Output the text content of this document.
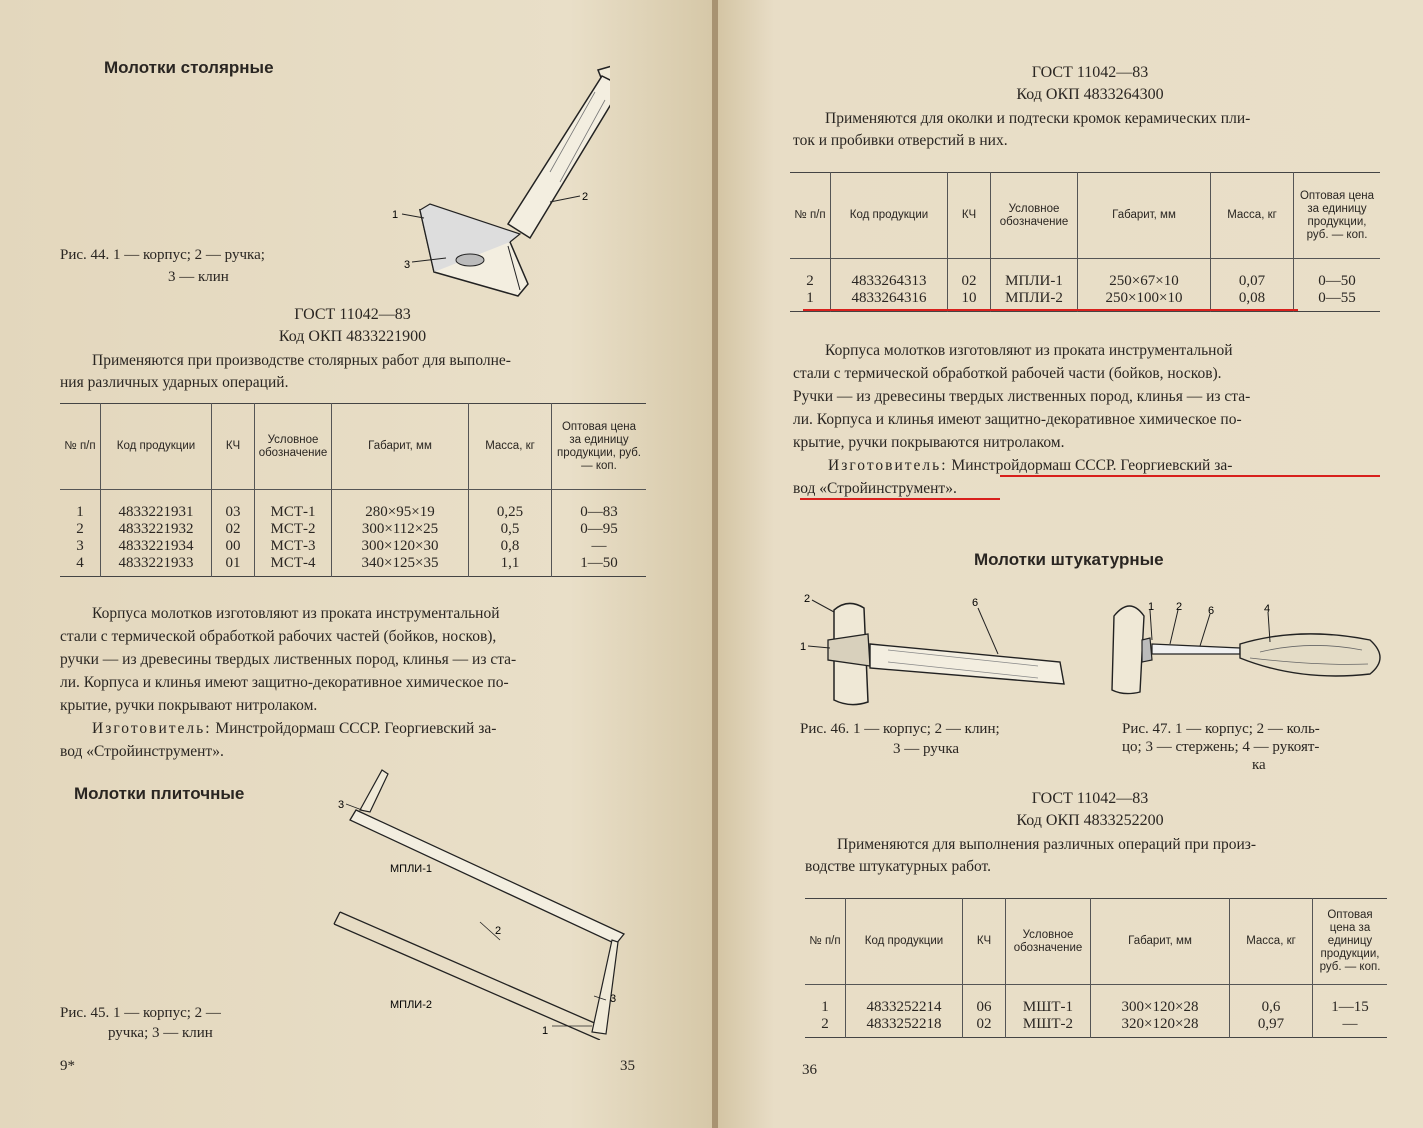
Молотки столярные
1
2
3
Рис. 44. 1 — корпус; 2 — ручка;
3 — клин
ГОСТ 11042—83
Код ОКП 4833221900
Применяются при производстве столярных работ для выполне-
ния различных ударных операций.
№ п/п	Код продукции	КЧ	Условное обозначение	Габарит, мм	Масса, кг	Оптовая цена за единицу продукции, руб. — коп.
1	4833221931	03	МСТ-1	280×95×19	0,25	0—83
2	4833221932	02	МСТ-2	300×112×25	0,5	0—95
3	4833221934	00	МСТ-3	300×120×30	0,8	—
4	4833221933	01	МСТ-4	340×125×35	1,1	1—50
Корпуса молотков изготовляют из проката инструментальной
стали с термической обработкой рабочих частей (бойков, носков),
ручки — из древесины твердых лиственных пород, клинья — из ста-
ли. Корпуса и клинья имеют защитно-декоративное химическое по-
крытие, ручки покрывают нитролаком.
Изготовитель: Минстройдормаш СССР. Георгиевский за-
вод «Стройинструмент».
Молотки плиточные
МПЛИ-1
МПЛИ-2
3
2
1
3
Рис. 45. 1 — корпус; 2 —
ручка; 3 — клин
9*	35
ГОСТ 11042—83
Код ОКП 4833264300
Применяются для околки и подтески кромок керамических пли-
ток и пробивки отверстий в них.
№ п/п	Код продукции	КЧ	Условное обозначение	Габарит, мм	Масса, кг	Оптовая цена за единицу продукции, руб. — коп.
2	4833264313	02	МПЛИ-1	250×67×10	0,07	0—50
1	4833264316	10	МПЛИ-2	250×100×10	0,08	0—55
Корпуса молотков изготовляют из проката инструментальной
стали с термической обработкой рабочей части (бойков, носков).
Ручки — из древесины твердых лиственных пород, клинья — из ста-
ли. Корпуса и клинья имеют защитно-декоративное химическое по-
крытие, ручки покрываются нитролаком.
Изготовитель: Минстройдормаш СССР. Георгиевский за-
вод «Стройинструмент».
Молотки штукатурные
2
1
6	1 2 6	4
Рис. 46. 1 — корпус; 2 — клин;
3 — ручка
Рис. 47. 1 — корпус; 2 — коль-
цо; 3 — стержень; 4 — рукоят-
ка
ГОСТ 11042—83
Код ОКП 4833252200
Применяются для выполнения различных операций при произ-
водстве штукатурных работ.
№ п/п	Код продукции	КЧ	Условное обозначение	Габарит, мм	Масса, кг	Оптовая цена за единицу продукции, руб. — коп.
1	4833252214	06	МШТ-1	300×120×28	0,6	1—15
2	4833252218	02	МШТ-2	320×120×28	0,97	—
36
